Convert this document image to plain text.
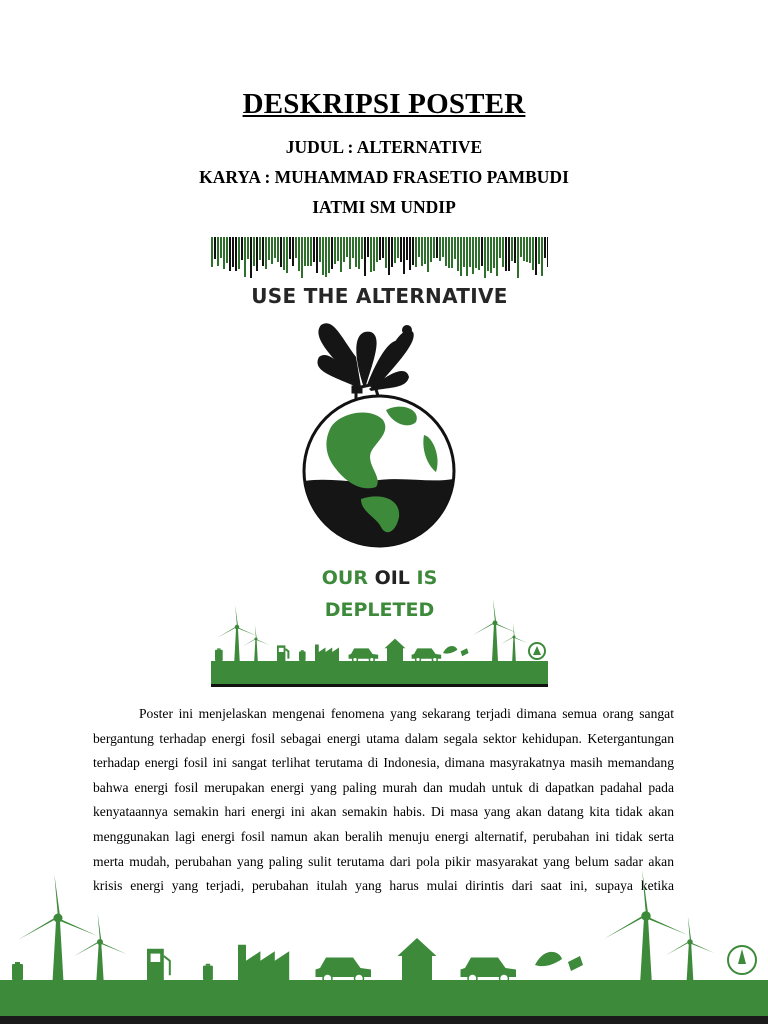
DESKRIPSI POSTER
JUDUL : ALTERNATIVE
KARYA : MUHAMMAD FRASETIO PAMBUDI
IATMI SM UNDIP
USE THE ALTERNATIVE
OUR OIL IS
DEPLETED
Poster ini menjelaskan mengenai fenomena yang sekarang terjadi dimana semua orang sangat bergantung terhadap energi fosil sebagai energi utama dalam segala sektor kehidupan. Ketergantungan terhadap energi fosil ini sangat terlihat terutama di Indonesia, dimana masyrakatnya masih memandang bahwa energi fosil merupakan energi yang paling murah dan mudah untuk di dapatkan padahal pada kenyataannya semakin hari energi ini akan semakin habis. Di masa yang akan datang kita tidak akan menggunakan lagi energi fosil namun akan beralih menuju energi alternatif, perubahan ini tidak serta merta mudah, perubahan yang paling sulit terutama dari pola pikir masyarakat yang belum sadar akan krisis energi yang terjadi, perubahan itulah yang harus mulai dirintis dari saat ini, supaya ketika
